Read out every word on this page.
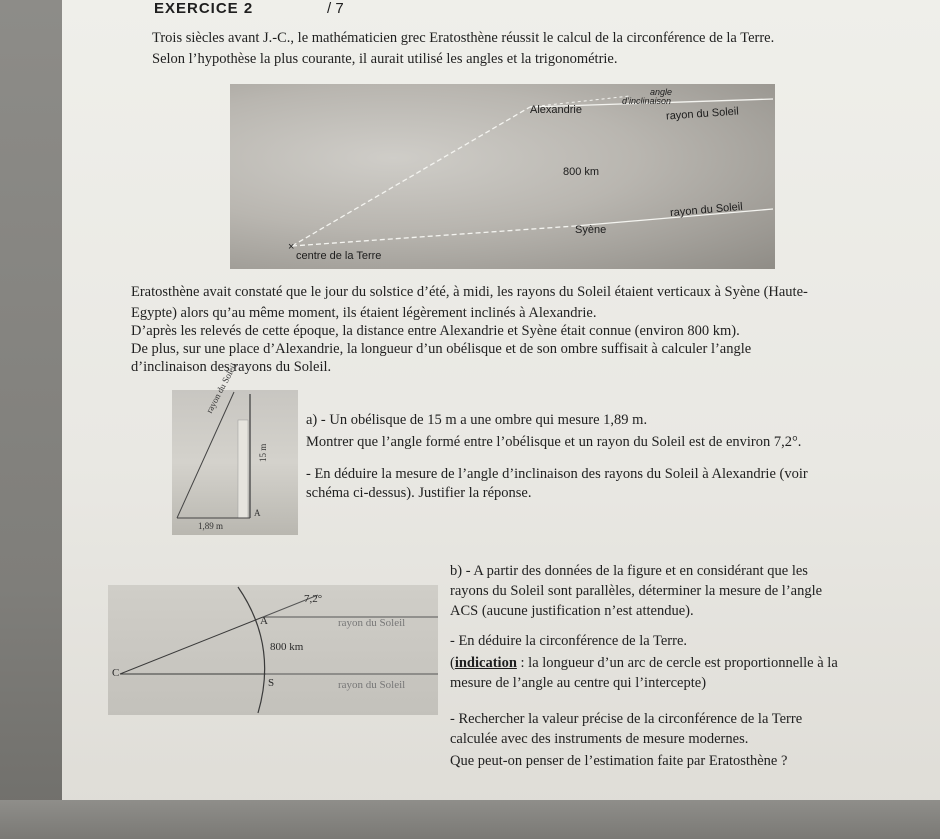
EXERCICE 2	/ 7
Trois siècles avant J.-C., le mathématicien grec Eratosthène réussit le calcul de la circonférence de la Terre.
Selon l’hypothèse la plus courante, il aurait utilisé les angles et la trigonométrie.
×
Alexandrie
angle
d’inclinaison
rayon du Soleil
800 km
Syène
rayon du Soleil
centre de la Terre
Eratosthène avait constaté que le jour du solstice d’été, à midi, les rayons du Soleil étaient verticaux à Syène (Haute-
Egypte) alors qu’au même moment, ils étaient légèrement inclinés à Alexandrie.
D’après les relevés de cette époque, la distance entre Alexandrie et Syène était connue (environ 800 km).
De plus, sur une place d’Alexandrie, la longueur d’un obélisque et de son ombre suffisait à calculer l’angle
d’inclinaison des rayons du Soleil.
rayon du Soleil
15 m
1,89 m
A
a) - Un obélisque de 15 m a une ombre qui mesure 1,89 m.
Montrer que l’angle formé entre l’obélisque et un rayon du Soleil est de environ 7,2°.
- En déduire la mesure de l’angle d’inclinaison des rayons du Soleil à Alexandrie (voir
schéma ci-dessus). Justifier la réponse.
7,2°
A	rayon du Soleil
800 km
C
S	rayon du Soleil
b) - A partir des données de la figure et en considérant que les
rayons du Soleil sont parallèles, déterminer la mesure de l’angle
ACS (aucune justification n’est attendue).
- En déduire la circonférence de la Terre.
(indication : la longueur d’un arc de cercle est proportionnelle à la
mesure de l’angle au centre qui l’intercepte)
- Rechercher la valeur précise de la circonférence de la Terre
calculée avec des instruments de mesure modernes.
Que peut-on penser de l’estimation faite par Eratosthène ?
